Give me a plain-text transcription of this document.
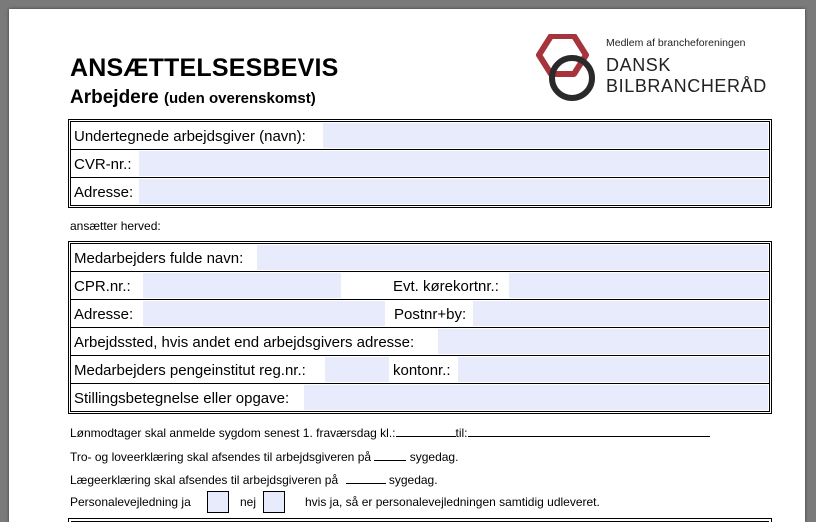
ANSÆTTELSESBEVIS
Arbejdere (uden overenskomst)
Medlem af brancheforeningen
DANSK
BILBRANCHERÅD
Undertegnede arbejdsgiver (navn):
CVR-nr.:
Adresse:
ansætter herved:
Medarbejders fulde navn:
CPR.nr.:	Evt. kørekortnr.:
Adresse:	Postnr+by:
Arbejdssted, hvis andet end arbejdsgivers adresse:
Medarbejders pengeinstitut reg.nr.:	kontonr.:
Stillingsbetegnelse eller opgave:
Lønmodtager skal anmelde sygdom senest 1. fraværsdag kl.:	til:
Tro- og loveerklæring skal afsendes til arbejdsgiveren på	sygedag.
Lægeerklæring skal afsendes til arbejdsgiveren på	sygedag.
Personalevejledning ja	nej	hvis ja, så er personalevejledningen samtidig udleveret.
